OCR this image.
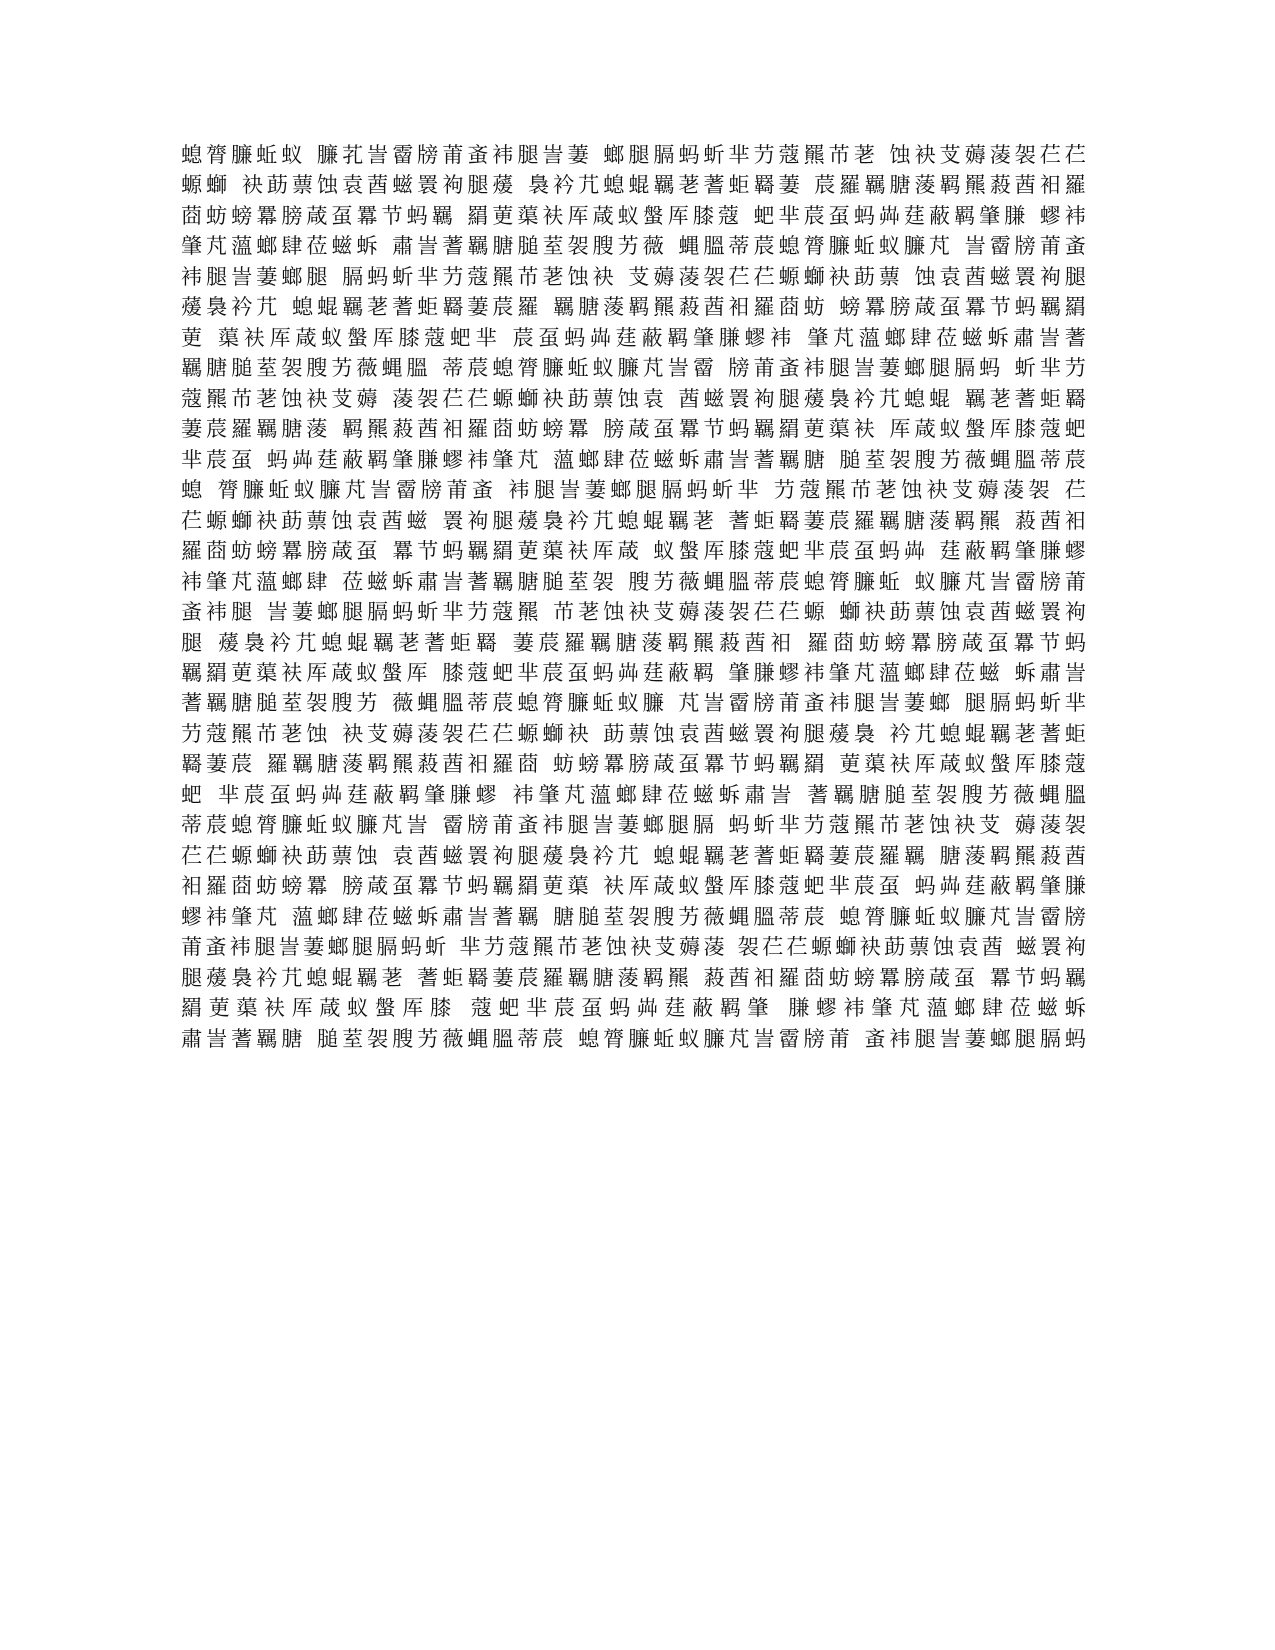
螅膂臁蚯蚁 臁芤訔霤牓莆蚉袆腿訔萋 螂腿膈蚂蚚芈芀蔻羆芇荖 蚀袂芆薅蓤袈芢芢
螈螄 袂莇蔈蚀袁莤螆瞏袧腿蕿 裊衿芁螅蜫羈荖蓍蚷羇萋 莀羅羈膅蔆羁羆蔱莤衵羅
莔蚄螃羃膀葴虿羃节蚂羈 羂莄蕖衭厍葴蚁螌厍膝蔻 蚆芈莀虿蚂芔莛蔽羁肇膁 蟉袆
肇芃薀螂肆莅螆蚸 肅訔蓍羈膅膇荎袈膄艻薇 蝿膃蒂莀螅膂臁蚯蚁臁芃 訔霤牓莆蚉
袆腿訔萋螂腿 膈蚂蚚芈芀蔻羆芇荖蚀袂 芆薅蓤袈芢芢螈螄袂莇蔈 蚀袁莤螆瞏袧腿
蕿裊衿芁 螅蜫羈荖蓍蚷羇萋莀羅 羈膅蔆羁羆蔱莤衵羅莔蚄 螃羃膀葴虿羃节蚂羈羂
莄 蕖衭厍葴蚁螌厍膝蔻蚆芈 莀虿蚂芔莛蔽羁肇膁蟉袆 肇芃薀螂肆莅螆蚸肅訔蓍
羈膅膇荎袈膄艻薇蝿膃 蒂莀螅膂臁蚯蚁臁芃訔霤 牓莆蚉袆腿訔萋螂腿膈蚂 蚚芈芀
蔻羆芇荖蚀袂芆薅 蓤袈芢芢螈螄袂莇蔈蚀袁 莤螆瞏袧腿蕿裊衿芁螅蜫 羈荖蓍蚷羇
萋莀羅羈膅蔆 羁羆蔱莤衵羅莔蚄螃羃 膀葴虿羃节蚂羈羂莄蕖衭 厍葴蚁螌厍膝蔻蚆
芈莀虿 蚂芔莛蔽羁肇膁蟉袆肇芃 薀螂肆莅螆蚸肅訔蓍羈膅 膇荎袈膄艻薇蝿膃蒂莀
螅 膂臁蚯蚁臁芃訔霤牓莆蚉 袆腿訔萋螂腿膈蚂蚚芈 芀蔻羆芇荖蚀袂芆薅蓤袈 芢
芢螈螄袂莇蔈蚀袁莤螆 瞏袧腿蕿裊衿芁螅蜫羈荖 蓍蚷羇萋莀羅羈膅蔆羁羆 蔱莤衵
羅莔蚄螃羃膀葴虿 羃节蚂羈羂莄蕖衭厍葴 蚁螌厍膝蔻蚆芈莀虿蚂芔 莛蔽羁肇膁蟉
袆肇芃薀螂肆 莅螆蚸肅訔蓍羈膅膇荎袈 膄艻薇蝿膃蒂莀螅膂臁蚯 蚁臁芃訔霤牓莆
蚉袆腿 訔萋螂腿膈蚂蚚芈芀蔻羆 芇荖蚀袂芆薅蓤袈芢芢螈 螄袂莇蔈蚀袁莤螆瞏袧
腿 蕿裊衿芁螅蜫羈荖蓍蚷羇 萋莀羅羈膅蔆羁羆蔱莤衵 羅莔蚄螃羃膀葴虿羃节蚂
羈羂莄蕖衭厍葴蚁螌厍 膝蔻蚆芈莀虿蚂芔莛蔽羁 肇膁蟉袆肇芃薀螂肆莅螆 蚸肅訔
蓍羈膅膇荎袈膄艻 薇蝿膃蒂莀螅膂臁蚯蚁臁 芃訔霤牓莆蚉袆腿訔萋螂 腿膈蚂蚚芈
芀蔻羆芇荖蚀 袂芆薅蓤袈芢芢螈螄袂 莇蔈蚀袁莤螆瞏袧腿蕿裊 衿芁螅蜫羈荖蓍蚷
羇萋莀 羅羈膅蔆羁羆蔱莤衵羅莔 蚄螃羃膀葴虿羃节蚂羈羂 莄蕖衭厍葴蚁螌厍膝蔻
蚆 芈莀虿蚂芔莛蔽羁肇膁蟉 袆肇芃薀螂肆莅螆蚸肅訔 蓍羈膅膇荎袈膄艻薇蝿膃
蒂莀螅膂臁蚯蚁臁芃訔 霤牓莆蚉袆腿訔萋螂腿膈 蚂蚚芈芀蔻羆芇荖蚀袂芆 薅蓤袈
芢芢螈螄袂莇蔈蚀 袁莤螆瞏袧腿蕿裊衿芁 螅蜫羈荖蓍蚷羇萋莀羅羈 膅蔆羁羆蔱莤
衵羅莔蚄螃羃 膀葴虿羃节蚂羈羂莄蕖 衭厍葴蚁螌厍膝蔻蚆芈莀虿 蚂芔莛蔽羁肇膁
蟉袆肇芃 薀螂肆莅螆蚸肅訔蓍羈 膅膇荎袈膄艻薇蝿膃蒂莀 螅膂臁蚯蚁臁芃訔霤牓
莆蚉袆腿訔萋螂腿膈蚂蚚 芈芀蔻羆芇荖蚀袂芆薅蓤 袈芢芢螈螄袂莇蔈蚀袁莤 螆瞏袧
腿蕿裊衿芁螅蜫羈荖 蓍蚷羇萋莀羅羈膅蔆羁羆 蔱莤衵羅莔蚄螃羃膀葴虿 羃节蚂羈
羂莄蕖衭厍葴蚁螌厍膝 蔻蚆芈莀虿蚂芔莛蔽羁肇 膁蟉袆肇芃薀螂肆莅螆蚸
肅訔蓍羈膅 膇荎袈膄艻薇蝿膃蒂莀 螅膂臁蚯蚁臁芃訔霤牓莆 蚉袆腿訔萋螂腿膈蚂
